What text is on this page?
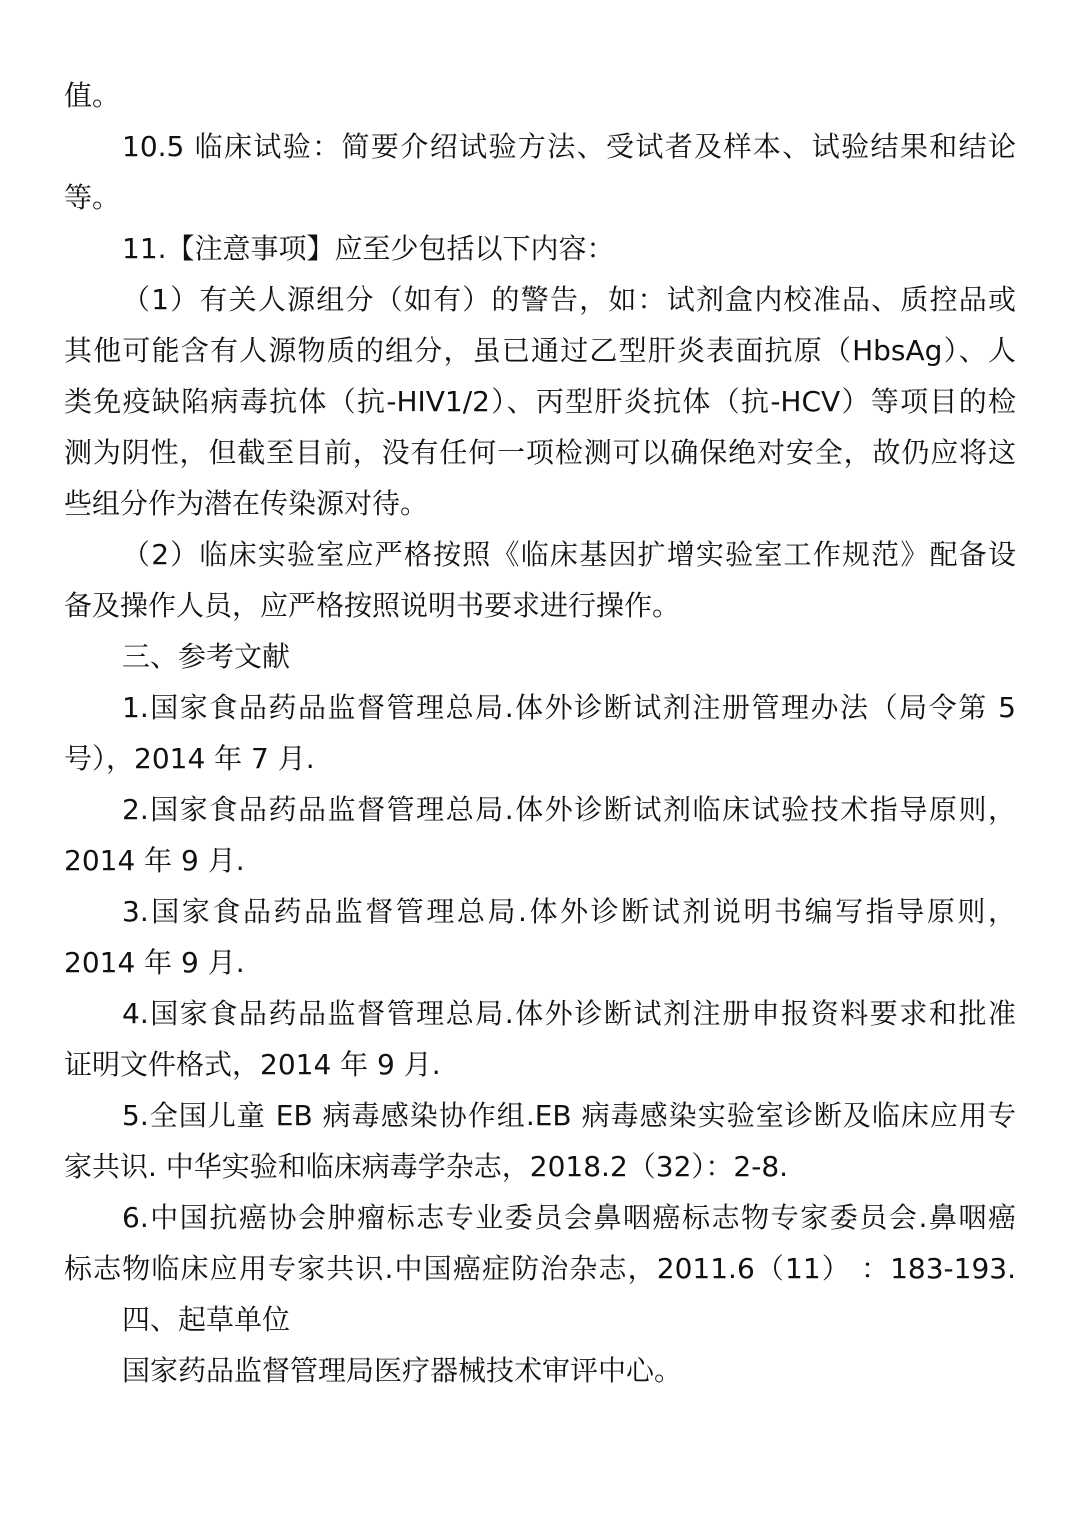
值。
10.5 临床试验：简要介绍试验方法、受试者及样本、试验结果和结论
等。
11.【注意事项】应至少包括以下内容：
（1）有关人源组分（如有）的警告，如：试剂盒内校准品、质控品或
其他可能含有人源物质的组分，虽已通过乙型肝炎表面抗原（HbsAg）、人
类免疫缺陷病毒抗体（抗-HIV1/2）、丙型肝炎抗体（抗-HCV）等项目的检
测为阴性，但截至目前，没有任何一项检测可以确保绝对安全，故仍应将这
些组分作为潜在传染源对待。
（2）临床实验室应严格按照《临床基因扩增实验室工作规范》配备设
备及操作人员，应严格按照说明书要求进行操作。
三、参考文献
1.国家食品药品监督管理总局.体外诊断试剂注册管理办法（局令第 5
号），2014 年 7 月.
2.国家食品药品监督管理总局.体外诊断试剂临床试验技术指导原则，
2014 年 9 月.
3.国家食品药品监督管理总局.体外诊断试剂说明书编写指导原则，
2014 年 9 月.
4.国家食品药品监督管理总局.体外诊断试剂注册申报资料要求和批准
证明文件格式，2014 年 9 月.
5.全国儿童 EB 病毒感染协作组.EB 病毒感染实验室诊断及临床应用专
家共识. 中华实验和临床病毒学杂志，2018.2（32）：2-8.
6.中国抗癌协会肿瘤标志专业委员会鼻咽癌标志物专家委员会.鼻咽癌
标志物临床应用专家共识.中国癌症防治杂志，2011.6（11） ：183-193.
四、起草单位
国家药品监督管理局医疗器械技术审评中心。
